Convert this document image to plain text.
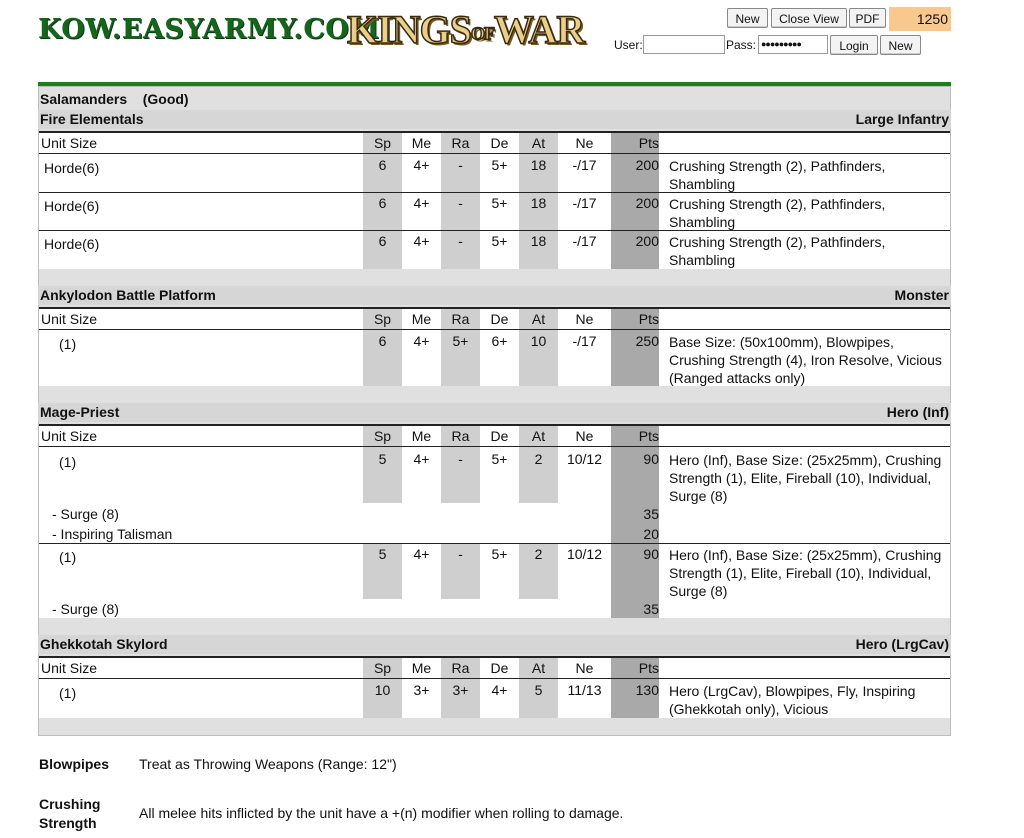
KOW.EASYARMY.COM
KINGSOFWAR	New	Close View	PDF	1250
User:	Pass: ●●●●●●●●●	Login	New
Salamanders    (Good)
Fire Elementals	Large Infantry
Unit Size	Sp	Me	Ra	De	At	Ne	Pts
Horde(6)	6	4+	-	5+	18	-/17	200 Crushing Strength (2), Pathfinders,
Shambling
Horde(6)	6	4+	-	5+	18	-/17	200 Crushing Strength (2), Pathfinders,
Shambling
Horde(6)	6	4+	-	5+	18	-/17	200 Crushing Strength (2), Pathfinders,
Shambling
Ankylodon Battle Platform	Monster
Unit Size	Sp	Me	Ra	De	At	Ne	Pts
(1)	6	4+	5+	6+	10	-/17	250 Base Size: (50x100mm), Blowpipes,
Crushing Strength (4), Iron Resolve, Vicious
(Ranged attacks only)
Mage-Priest	Hero (Inf)
Unit Size	Sp	Me	Ra	De	At	Ne	Pts
(1)	5	4+	-	5+	2	10/12	90 Hero (Inf), Base Size: (25x25mm), Crushing
Strength (1), Elite, Fireball (10), Individual,
Surge (8)
- Surge (8)	35
- Inspiring Talisman	20
(1)	5	4+	-	5+	2	10/12	90 Hero (Inf), Base Size: (25x25mm), Crushing
Strength (1), Elite, Fireball (10), Individual,
Surge (8)
- Surge (8)	35
Ghekkotah Skylord	Hero (LrgCav)
Unit Size	Sp	Me	Ra	De	At	Ne	Pts
(1)	10	3+	3+	4+	5	11/13	130 Hero (LrgCav), Blowpipes, Fly, Inspiring
(Ghekkotah only), Vicious
Blowpipes Treat as Throwing Weapons (Range: 12")
Crushing
Strength
All melee hits inflicted by the unit have a +(n) modifier when rolling to damage.
